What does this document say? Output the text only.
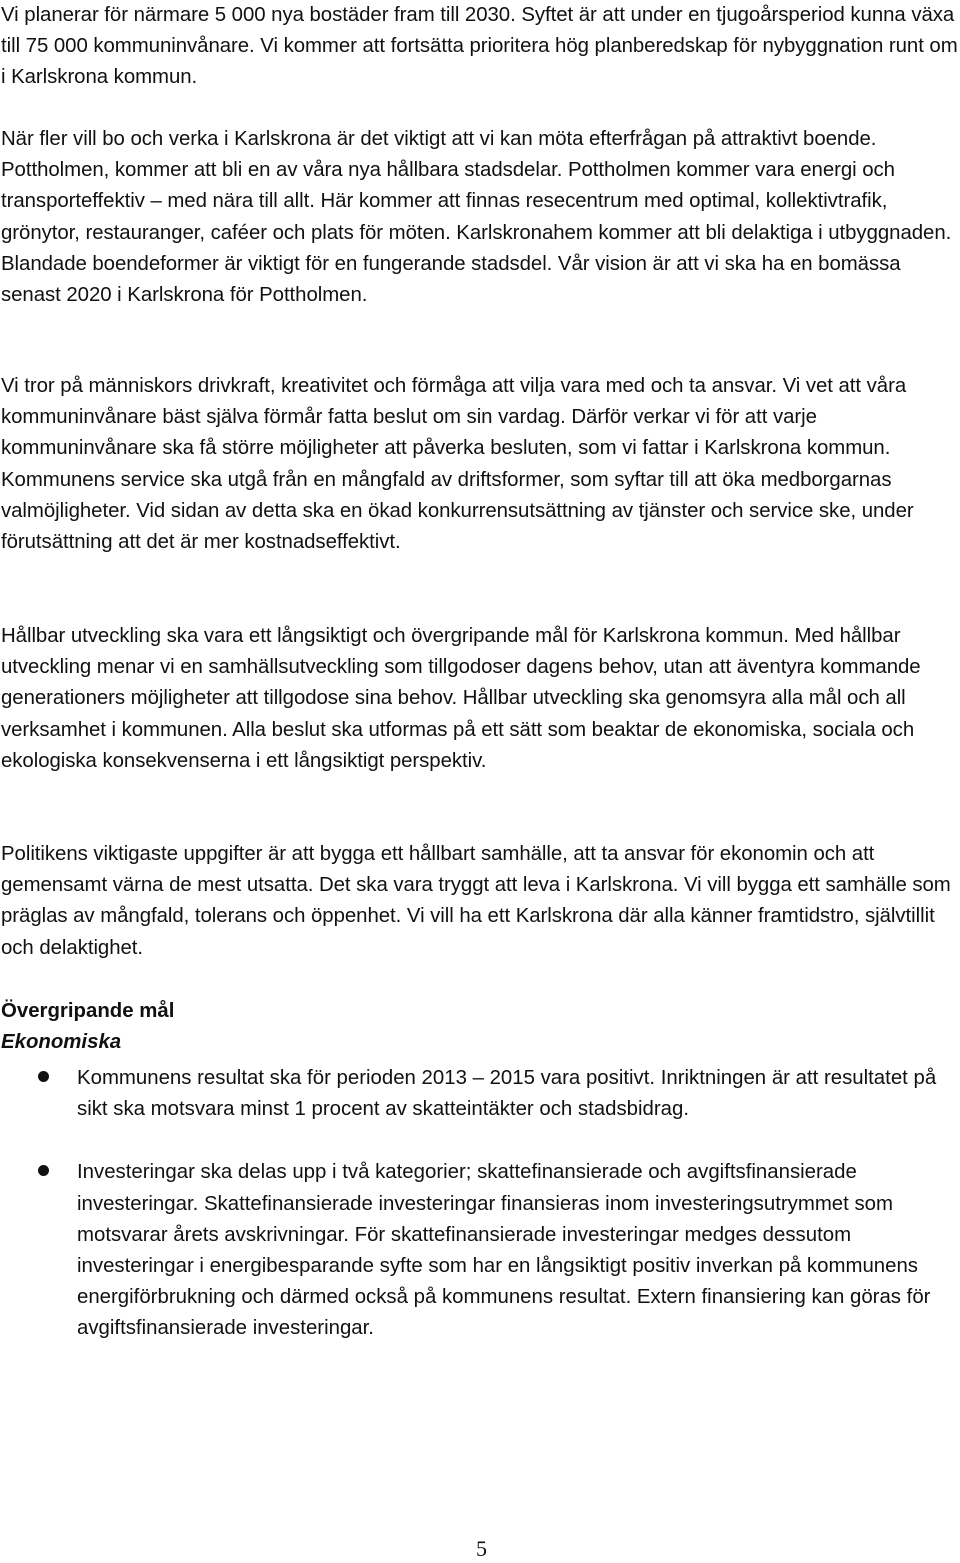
Vi planerar för närmare 5 000 nya bostäder fram till 2030. Syftet är att under en tjugoårsperiod kunna växa till 75 000 kommuninvånare. Vi kommer att fortsätta prioritera hög planberedskap för nybyggnation runt om i Karlskrona kommun.

När fler vill bo och verka i Karlskrona är det viktigt att vi kan möta efterfrågan på attraktivt boende. Pottholmen, kommer att bli en av våra nya hållbara stadsdelar. Pottholmen kommer vara energi och transporteffektiv – med nära till allt. Här kommer att finnas resecentrum med optimal, kollektivtrafik, grönytor, restauranger, caféer och plats för möten. Karlskronahem kommer att bli delaktiga i utbyggnaden. Blandade boendeformer är viktigt för en fungerande stadsdel. Vår vision är att vi ska ha en bomässa senast 2020 i Karlskrona för Pottholmen.

Vi tror på människors drivkraft, kreativitet och förmåga att vilja vara med och ta ansvar. Vi vet att våra kommuninvånare bäst själva förmår fatta beslut om sin vardag. Därför verkar vi för att varje kommuninvånare ska få större möjligheter att påverka besluten, som vi fattar i Karlskrona kommun. Kommunens service ska utgå från en mångfald av driftsformer, som syftar till att öka medborgarnas valmöjligheter. Vid sidan av detta ska en ökad konkurrensutsättning av tjänster och service ske, under förutsättning att det är mer kostnadseffektivt.

Hållbar utveckling ska vara ett långsiktigt och övergripande mål för Karlskrona kommun. Med hållbar utveckling menar vi en samhällsutveckling som tillgodoser dagens behov, utan att äventyra kommande generationers möjligheter att tillgodose sina behov. Hållbar utveckling ska genomsyra alla mål och all verksamhet i kommunen. Alla beslut ska utformas på ett sätt som beaktar de ekonomiska, sociala och ekologiska konsekvenserna i ett långsiktigt perspektiv.

Politikens viktigaste uppgifter är att bygga ett hållbart samhälle, att ta ansvar för ekonomin och att gemensamt värna de mest utsatta. Det ska vara tryggt att leva i Karlskrona. Vi vill bygga ett samhälle som präglas av mångfald, tolerans och öppenhet. Vi vill ha ett Karlskrona där alla känner framtidstro, självtillit och delaktighet.

Övergripande mål
Ekonomiska
Kommunens resultat ska för perioden 2013 – 2015 vara positivt. Inriktningen är att resultatet på sikt ska motsvara minst 1 procent av skatteintäkter och stadsbidrag.
Investeringar ska delas upp i två kategorier; skattefinansierade och avgiftsfinansierade investeringar. Skattefinansierade investeringar finansieras inom investeringsutrymmet som motsvarar årets avskrivningar. För skattefinansierade investeringar medges dessutom investeringar i energibesparande syfte som har en långsiktigt positiv inverkan på kommunens energiförbrukning och därmed också på kommunens resultat. Extern finansiering kan göras för avgiftsfinansierade investeringar.
5
